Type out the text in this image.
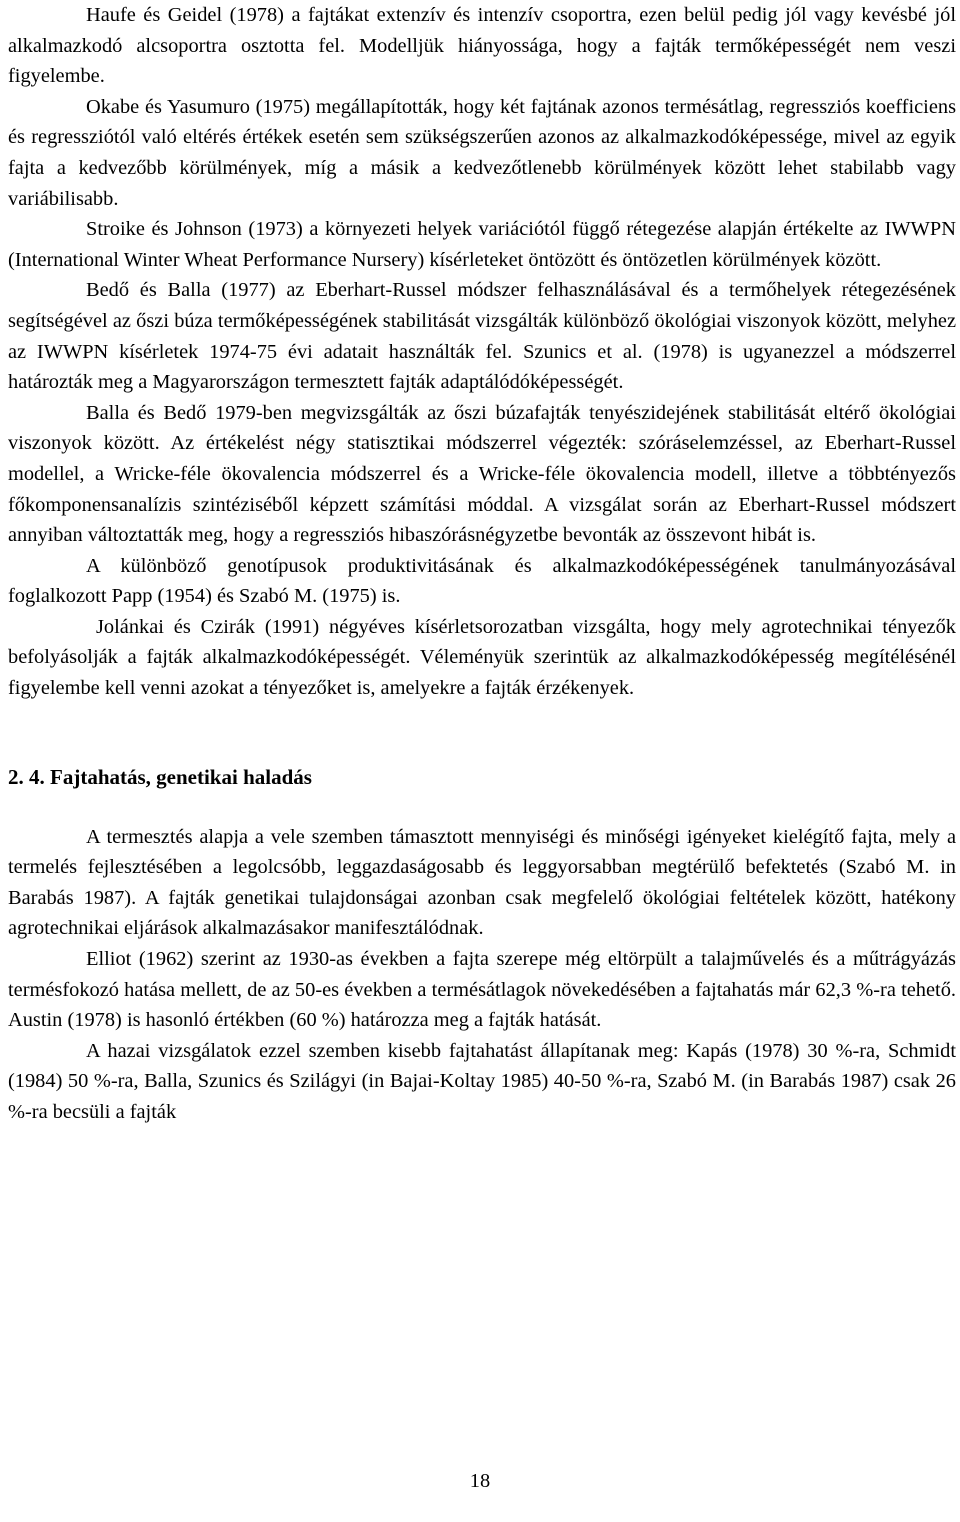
Haufe és Geidel (1978) a fajtákat extenzív és intenzív csoportra, ezen belül pedig jól vagy kevésbé jól alkalmazkodó alcsoportra osztotta fel. Modelljük hiányossága, hogy a fajták termőképességét nem veszi figyelembe.

Okabe és Yasumuro (1975) megállapították, hogy két fajtának azonos termésátlag, regressziós koefficiens és regressziótól való eltérés értékek esetén sem szükségszerűen azonos az alkalmazkodóképessége, mivel az egyik fajta a kedvezőbb körülmények, míg a másik a kedvezőtlenebb körülmények között lehet stabilabb vagy variábilisabb.

Stroike és Johnson (1973) a környezeti helyek variációtól függő rétegezése alapján értékelte az IWWPN (International Winter Wheat Performance Nursery) kísérleteket öntözött és öntözetlen körülmények között.

Bedő és Balla (1977) az Eberhart-Russel módszer felhasználásával és a termőhelyek rétegezésének segítségével az őszi búza termőképességének stabilitását vizsgálták különböző ökológiai viszonyok között, melyhez az IWWPN kísérletek 1974-75 évi adatait használták fel. Szunics et al. (1978) is ugyanezzel a módszerrel határozták meg a Magyarországon termesztett fajták adaptálódóképességét.

Balla és Bedő 1979-ben megvizsgálták az őszi búzafajták tenyészidejének stabilitását eltérő ökológiai viszonyok között. Az értékelést négy statisztikai módszerrel végezték: szóráselemzéssel, az Eberhart-Russel modellel, a Wricke-féle ökovalencia módszerrel és a Wricke-féle ökovalencia modell, illetve a többtényezős főkomponensanalízis szintéziséből képzett számítási móddal. A vizsgálat során az Eberhart-Russel módszert annyiban változtatták meg, hogy a regressziós hibaszórásnégyzetbe bevonták az összevont hibát is.

A különböző genotípusok produktivitásának és alkalmazkodóképességének tanulmányozásával foglalkozott Papp (1954) és Szabó M. (1975) is.

Jolánkai és Czirák (1991) négyéves kísérletsorozatban vizsgálta, hogy mely agrotechnikai tényezők befolyásolják a fajták alkalmazkodóképességét. Véleményük szerintük az alkalmazkodóképesség megítélésénél figyelembe kell venni azokat a tényezőket is, amelyekre a fajták érzékenyek.

2. 4. Fajtahatás, genetikai haladás

A termesztés alapja a vele szemben támasztott mennyiségi és minőségi igényeket kielégítő fajta, mely a termelés fejlesztésében a legolcsóbb, leggazdaságosabb és leggyorsabban megtérülő befektetés (Szabó M. in Barabás 1987). A fajták genetikai tulajdonságai azonban csak megfelelő ökológiai feltételek között, hatékony agrotechnikai eljárások alkalmazásakor manifesztálódnak.

Elliot (1962) szerint az 1930-as években a fajta szerepe még eltörpült a talajművelés és a műtrágyázás termésfokozó hatása mellett, de az 50-es években a termésátlagok növekedésében a fajtahatás már 62,3 %-ra tehető. Austin (1978) is hasonló értékben (60 %) határozza meg a fajták hatását.

A hazai vizsgálatok ezzel szemben kisebb fajtahatást állapítanak meg: Kapás (1978) 30 %-ra, Schmidt (1984) 50 %-ra, Balla, Szunics és Szilágyi (in Bajai-Koltay 1985) 40-50 %-ra, Szabó M. (in Barabás 1987) csak 26 %-ra becsüli a fajták

18
